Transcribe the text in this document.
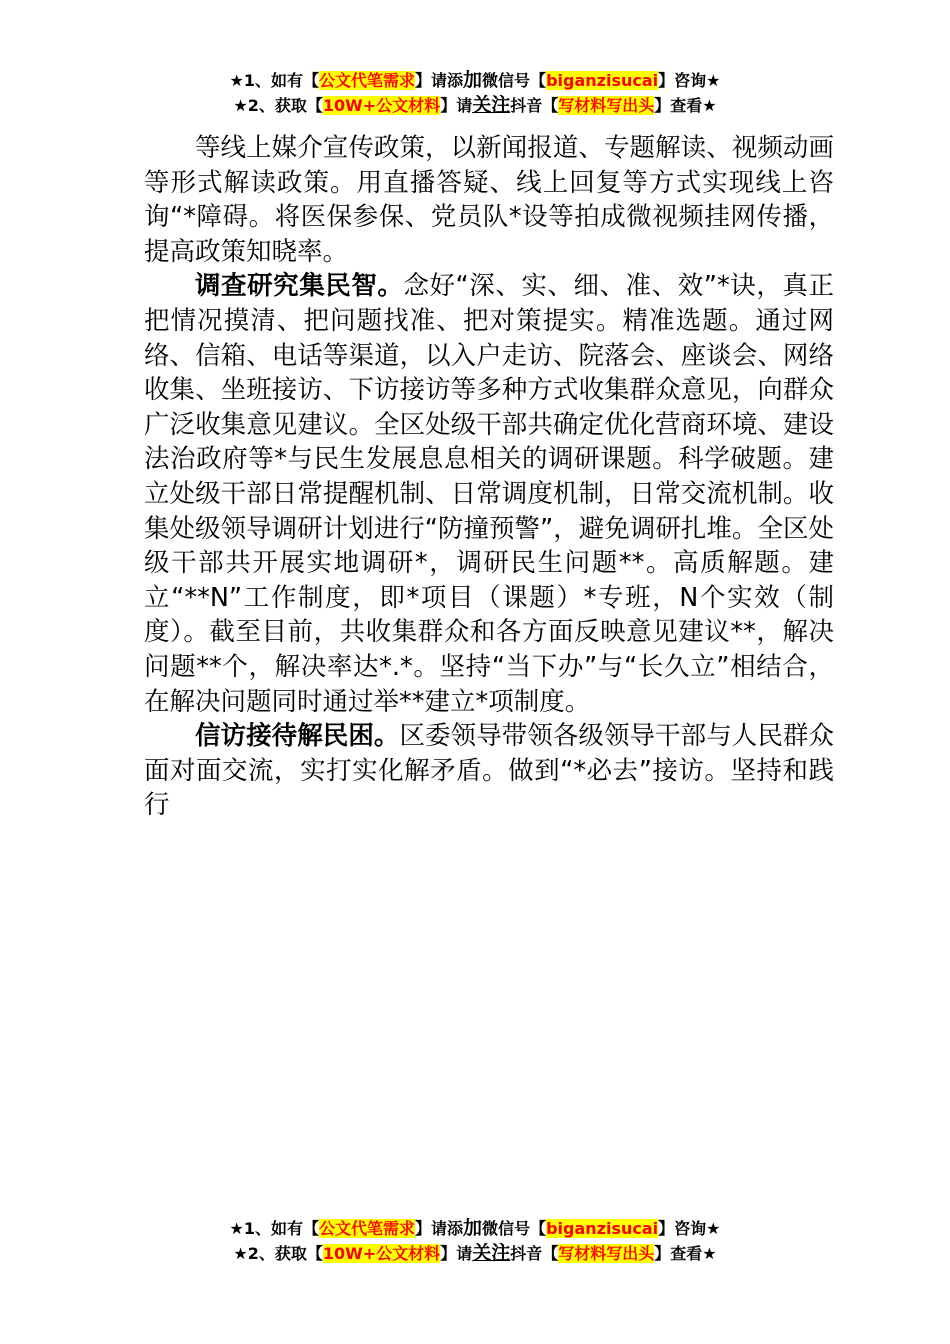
★1、如有【公文代笔需求】请添加微信号【biganzisucai】咨询★
★2、获取【10W+公文材料】请关注抖音【写材料写出头】查看★

等线上媒介宣传政策，以新闻报道、专题解读、视频动画等形式解读政策。用直播答疑、线上回复等方式实现线上咨询“*障碍。将医保参保、党员队*设等拍成微视频挂网传播，提高政策知晓率。

调查研究集民智。念好“深、实、细、准、效”*诀，真正把情况摸清、把问题找准、把对策提实。精准选题。通过网络、信箱、电话等渠道，以入户走访、院落会、座谈会、网络收集、坐班接访、下访接访等多种方式收集群众意见，向群众广泛收集意见建议。全区处级干部共确定优化营商环境、建设法治政府等*与民生发展息息相关的调研课题。科学破题。建立处级干部日常提醒机制、日常调度机制，日常交流机制。收集处级领导调研计划进行“防撞预警”，避免调研扎堆。全区处级干部共开展实地调研*，调研民生问题**。高质解题。建立“**N”工作制度，即*项目（课题）*专班，N个实效（制度）。截至目前，共收集群众和各方面反映意见建议**，解决问题**个，解决率达*.*。坚持“当下办”与“长久立”相结合，在解决问题同时通过举**建立*项制度。

信访接待解民困。区委领导带领各级领导干部与人民群众面对面交流，实打实化解矛盾。做到“*必去”接访。坚持和践行

★1、如有【公文代笔需求】请添加微信号【biganzisucai】咨询★
★2、获取【10W+公文材料】请关注抖音【写材料写出头】查看★
